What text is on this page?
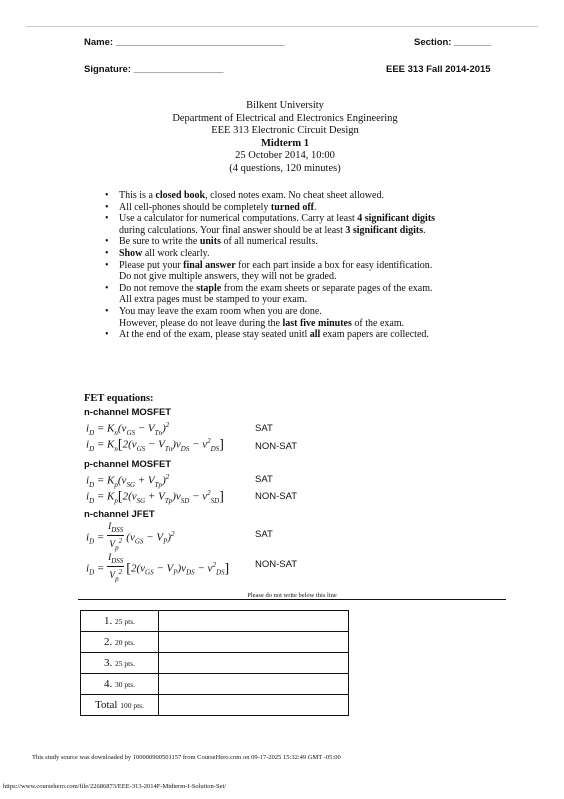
Name: ________________________________	Section: _______
Signature: _________________	EEE 313 Fall 2014-2015
Bilkent University
Department of Electrical and Electronics Engineering
EEE 313 Electronic Circuit Design
Midterm 1
25 October 2014, 10:00
(4 questions, 120 minutes)
• This is a closed book, closed notes exam. No cheat sheet allowed.
• All cell-phones should be completely turned off.
• Use a calculator for numerical computations. Carry at least 4 significant digits
during calculations. Your final answer should be at least 3 significant digits.
• Be sure to write the units of all numerical results.
• Show all work clearly.
• Please put your final answer for each part inside a box for easy identification.
Do not give multiple answers, they will not be graded.
• Do not remove the staple from the exam sheets or separate pages of the exam.
All extra pages must be stamped to your exam.
• You may leave the exam room when you are done.
However, please do not leave during the last five minutes of the exam.
• At the end of the exam, please stay seated unitl all exam papers are collected.
FET equations:
n-channel MOSFET
$i_D = K_n(v_{GS} - V_{Tn})^2$	SAT
$i_D = K_n[2(v_{GS} - V_{Tn})v_{DS} - v^2_{DS}]$	NON-SAT
p-channel MOSFET
$i_D = K_p(v_{SG} + V_{Tp})^2$	SAT
$i_D = K_p[2(v_{SG} + V_{Tp})v_{SD} - v^2_{SD}]$	NON-SAT
n-channel JFET
$i_D = \frac{I_{DSS}}{V_p^2} (v_{GS} - V_P)^2$	SAT
$i_D = \frac{I_{DSS}}{V_p^2} [2(v_{GS} - V_P)v_{DS} - v^2_{DS}]$	NON-SAT
Please do not write below this line
1. 25 pts.	
2. 20 pts.	
3. 25 pts.	
4. 30 pts.	
Total 100 pts.	
This study source was downloaded by 100000900501157 from CourseHero.com on 09-17-2025 15:32:49 GMT -05:00
https://www.coursehero.com/file/22686873/EEE-313-2014F-Midterm-I-Solution-Set/
